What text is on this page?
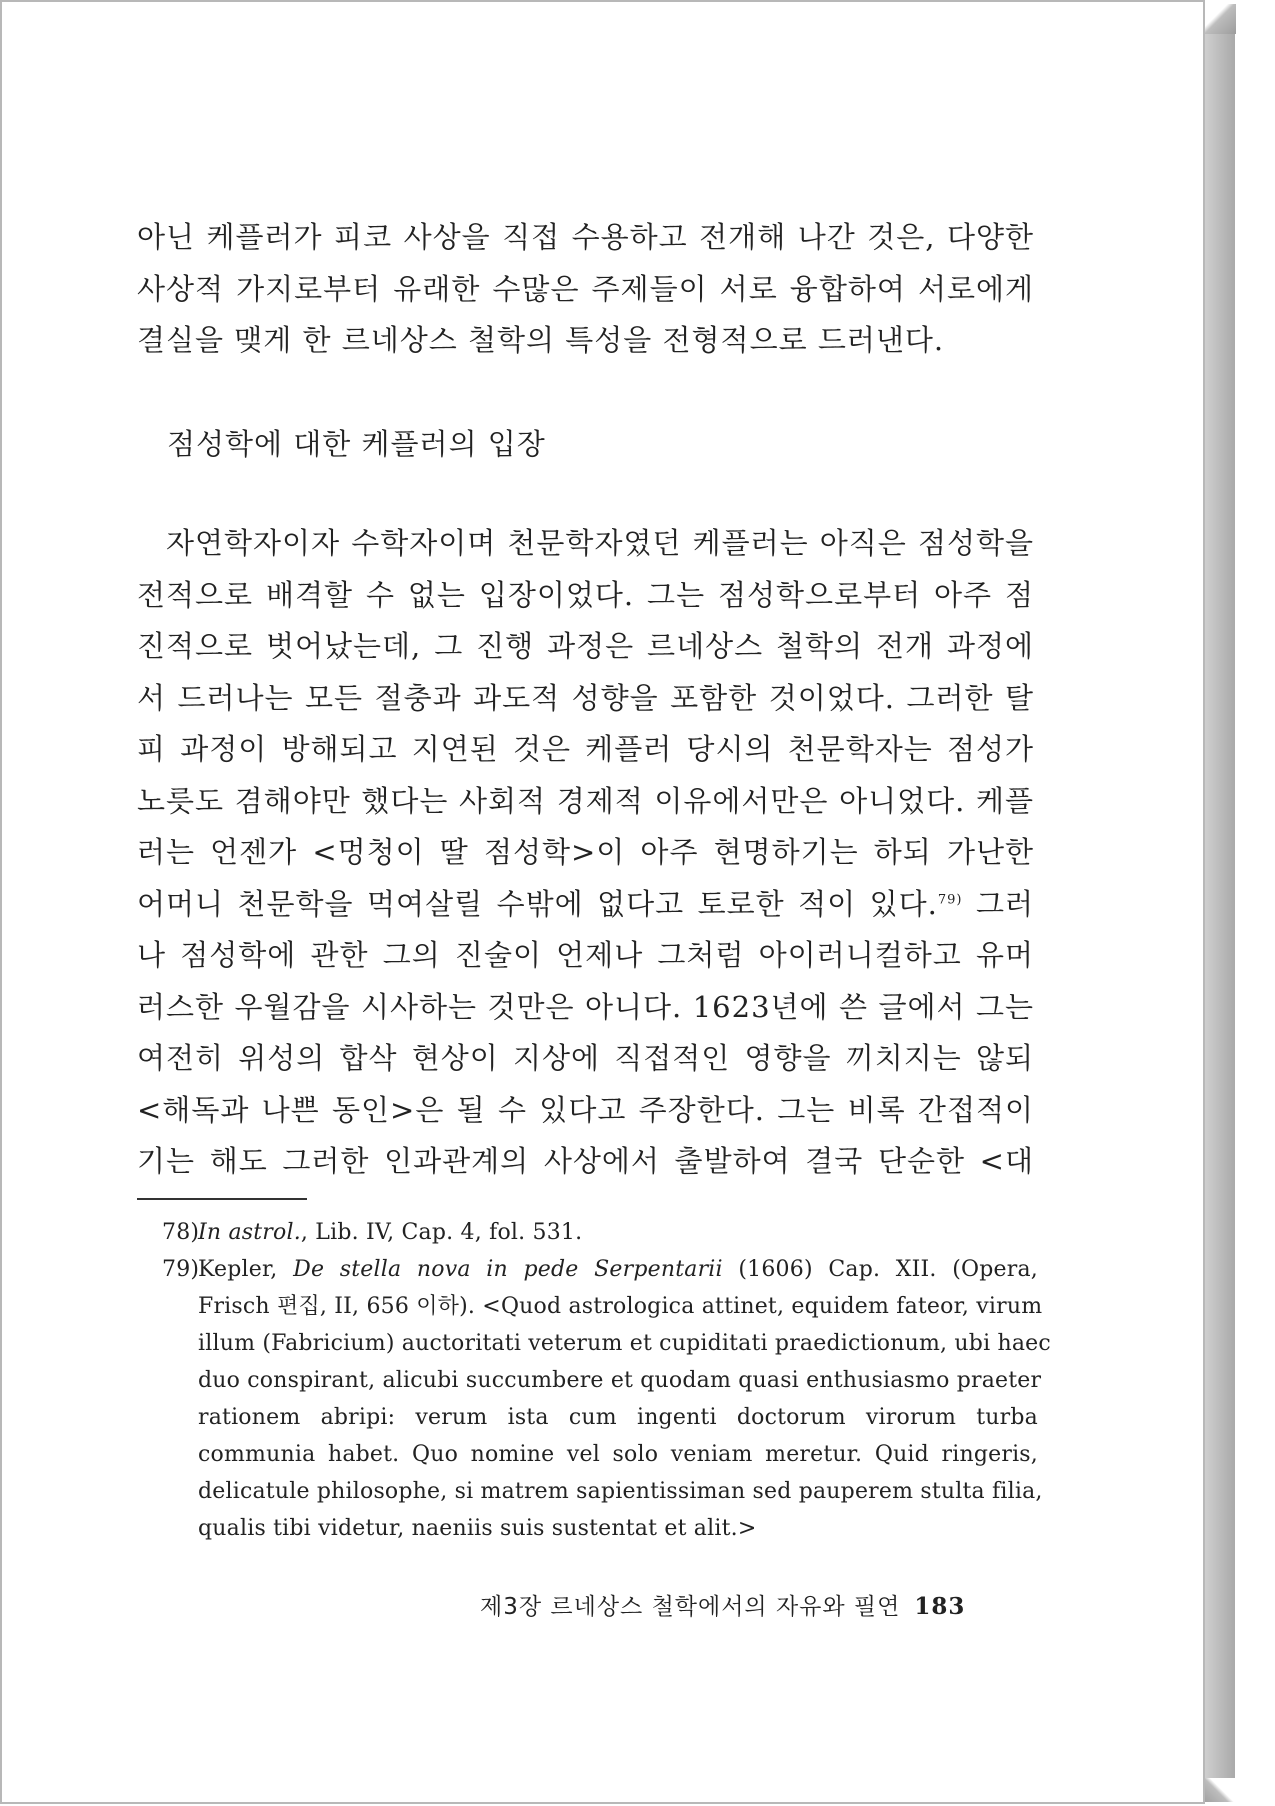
아닌 케플러가 피코 사상을 직접 수용하고 전개해 나간 것은, 다양한
사상적 가지로부터 유래한 수많은 주제들이 서로 융합하여 서로에게
결실을 맺게 한 르네상스 철학의 특성을 전형적으로 드러낸다.
점성학에 대한 케플러의 입장
자연학자이자 수학자이며 천문학자였던 케플러는 아직은 점성학을
전적으로 배격할 수 없는 입장이었다. 그는 점성학으로부터 아주 점
진적으로 벗어났는데, 그 진행 과정은 르네상스 철학의 전개 과정에
서 드러나는 모든 절충과 과도적 성향을 포함한 것이었다. 그러한 탈
피 과정이 방해되고 지연된 것은 케플러 당시의 천문학자는 점성가
노릇도 겸해야만 했다는 사회적 경제적 이유에서만은 아니었다. 케플
러는 언젠가 <멍청이 딸 점성학>이 아주 현명하기는 하되 가난한
어머니 천문학을 먹여살릴 수밖에 없다고 토로한 적이 있다.$^{79)}$ 그러
나 점성학에 관한 그의 진술이 언제나 그처럼 아이러니컬하고 유머
러스한 우월감을 시사하는 것만은 아니다. 1623년에 쓴 글에서 그는
여전히 위성의 합삭 현상이 지상에 직접적인 영향을 끼치지는 않되
<해독과 나쁜 동인>은 될 수 있다고 주장한다. 그는 비록 간접적이
기는 해도 그러한 인과관계의 사상에서 출발하여 결국 단순한 <대
78)
In astrol., Lib. IV, Cap. 4, fol. 531.
79)
Kepler, De stella nova in pede Serpentarii (1606) Cap. XII. (Opera,
Frisch 편집, II, 656 이하). <Quod astrologica attinet, equidem fateor, virum
illum (Fabricium) auctoritati veterum et cupiditati praedictionum, ubi haec
duo conspirant, alicubi succumbere et quodam quasi enthusiasmo praeter
rationem abripi: verum ista cum ingenti doctorum virorum turba
communia habet. Quo nomine vel solo veniam meretur. Quid ringeris,
delicatule philosophe, si matrem sapientissiman sed pauperem stulta filia,
qualis tibi videtur, naeniis suis sustentat et alit.>
제3장 르네상스 철학에서의 자유와 필연 183
